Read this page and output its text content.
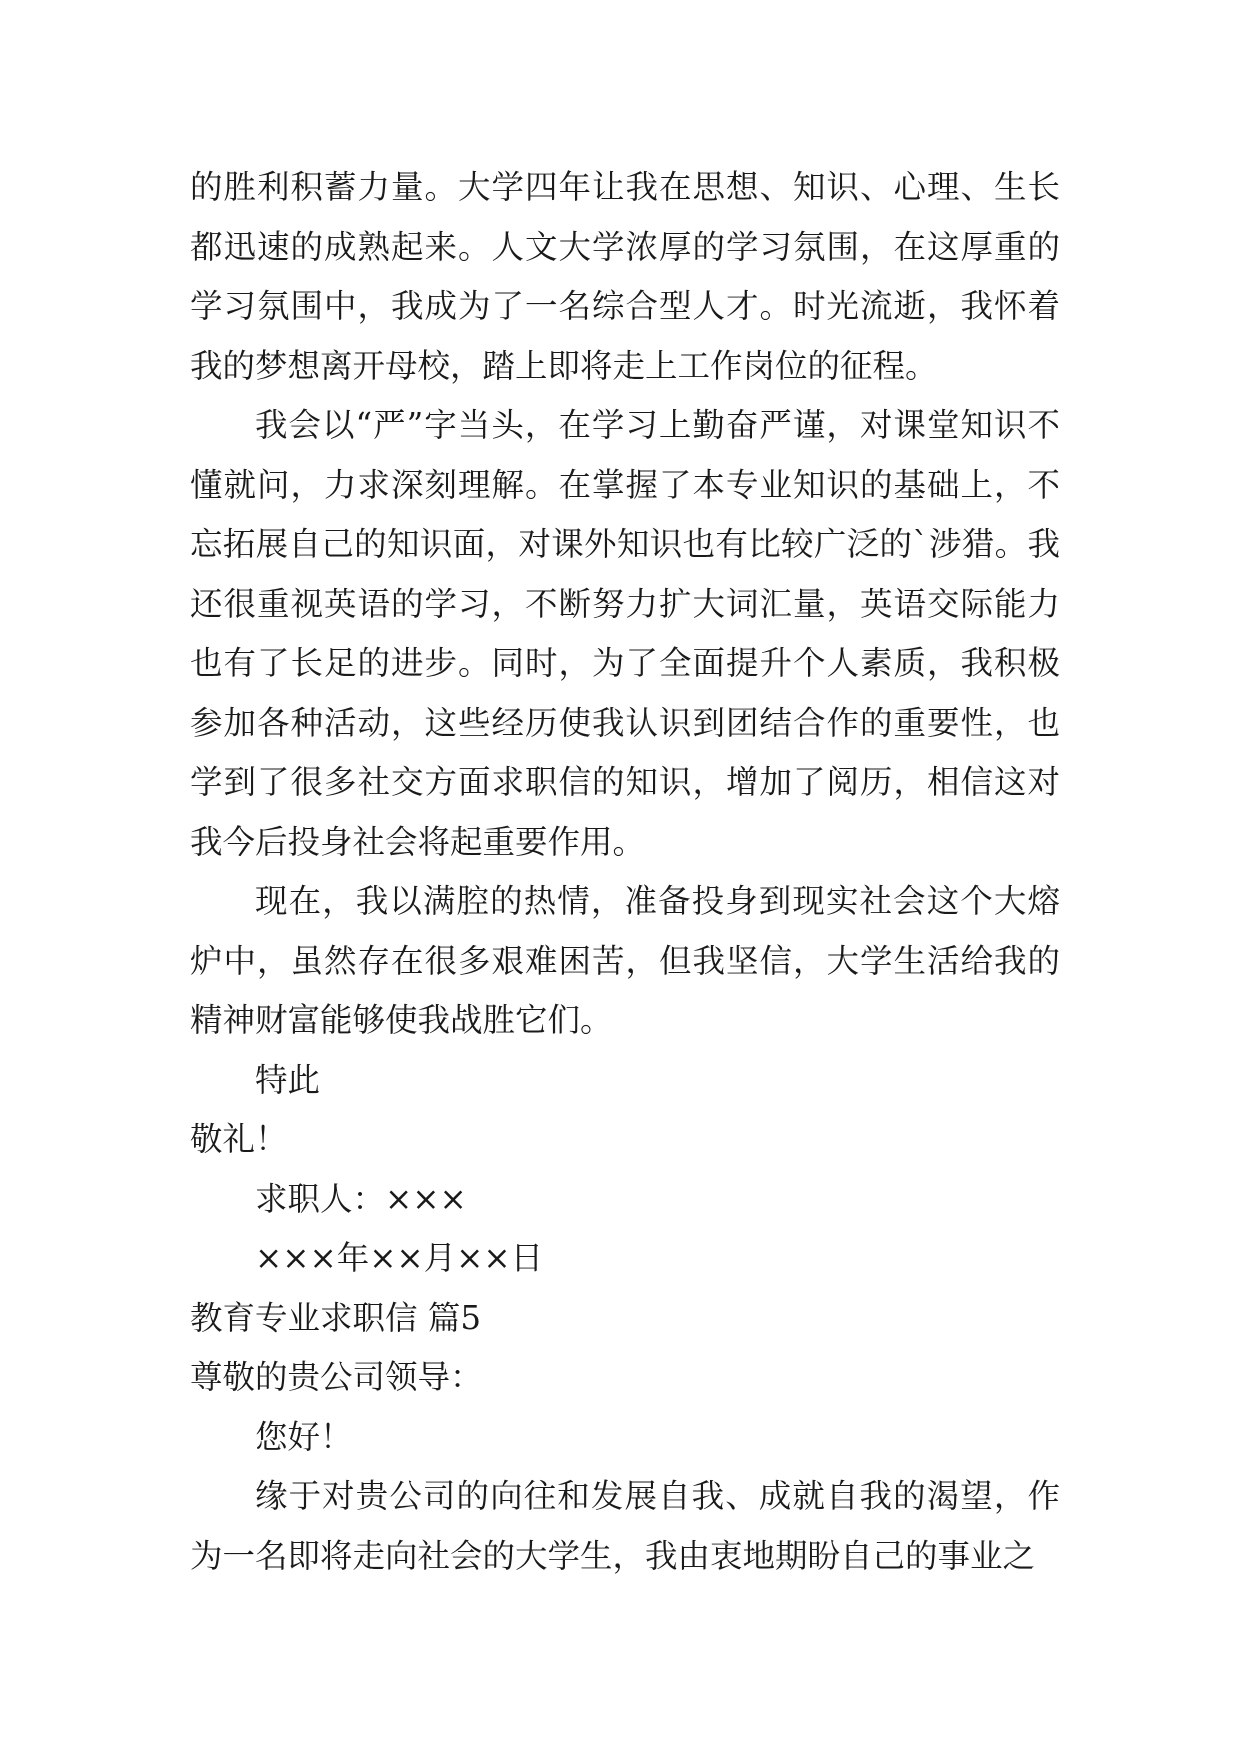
的胜利积蓄力量。大学四年让我在思想、知识、心理、生长都迅速的成熟起来。人文大学浓厚的学习氛围，在这厚重的学习氛围中，我成为了一名综合型人才。时光流逝，我怀着我的梦想离开母校，踏上即将走上工作岗位的征程。

我会以“严”字当头，在学习上勤奋严谨，对课堂知识不懂就问，力求深刻理解。在掌握了本专业知识的基础上，不忘拓展自己的知识面，对课外知识也有比较广泛的`涉猎。我还很重视英语的学习，不断努力扩大词汇量，英语交际能力也有了长足的进步。同时，为了全面提升个人素质，我积极参加各种活动，这些经历使我认识到团结合作的重要性，也学到了很多社交方面求职信的知识，增加了阅历，相信这对我今后投身社会将起重要作用。

现在，我以满腔的热情，准备投身到现实社会这个大熔炉中，虽然存在很多艰难困苦，但我坚信，大学生活给我的精神财富能够使我战胜它们。

特此

敬礼！

求职人：×××

×××年××月××日

教育专业求职信 篇5

尊敬的贵公司领导：

您好！

缘于对贵公司的向往和发展自我、成就自我的渴望，作为一名即将走向社会的大学生，我由衷地期盼自己的事业之
